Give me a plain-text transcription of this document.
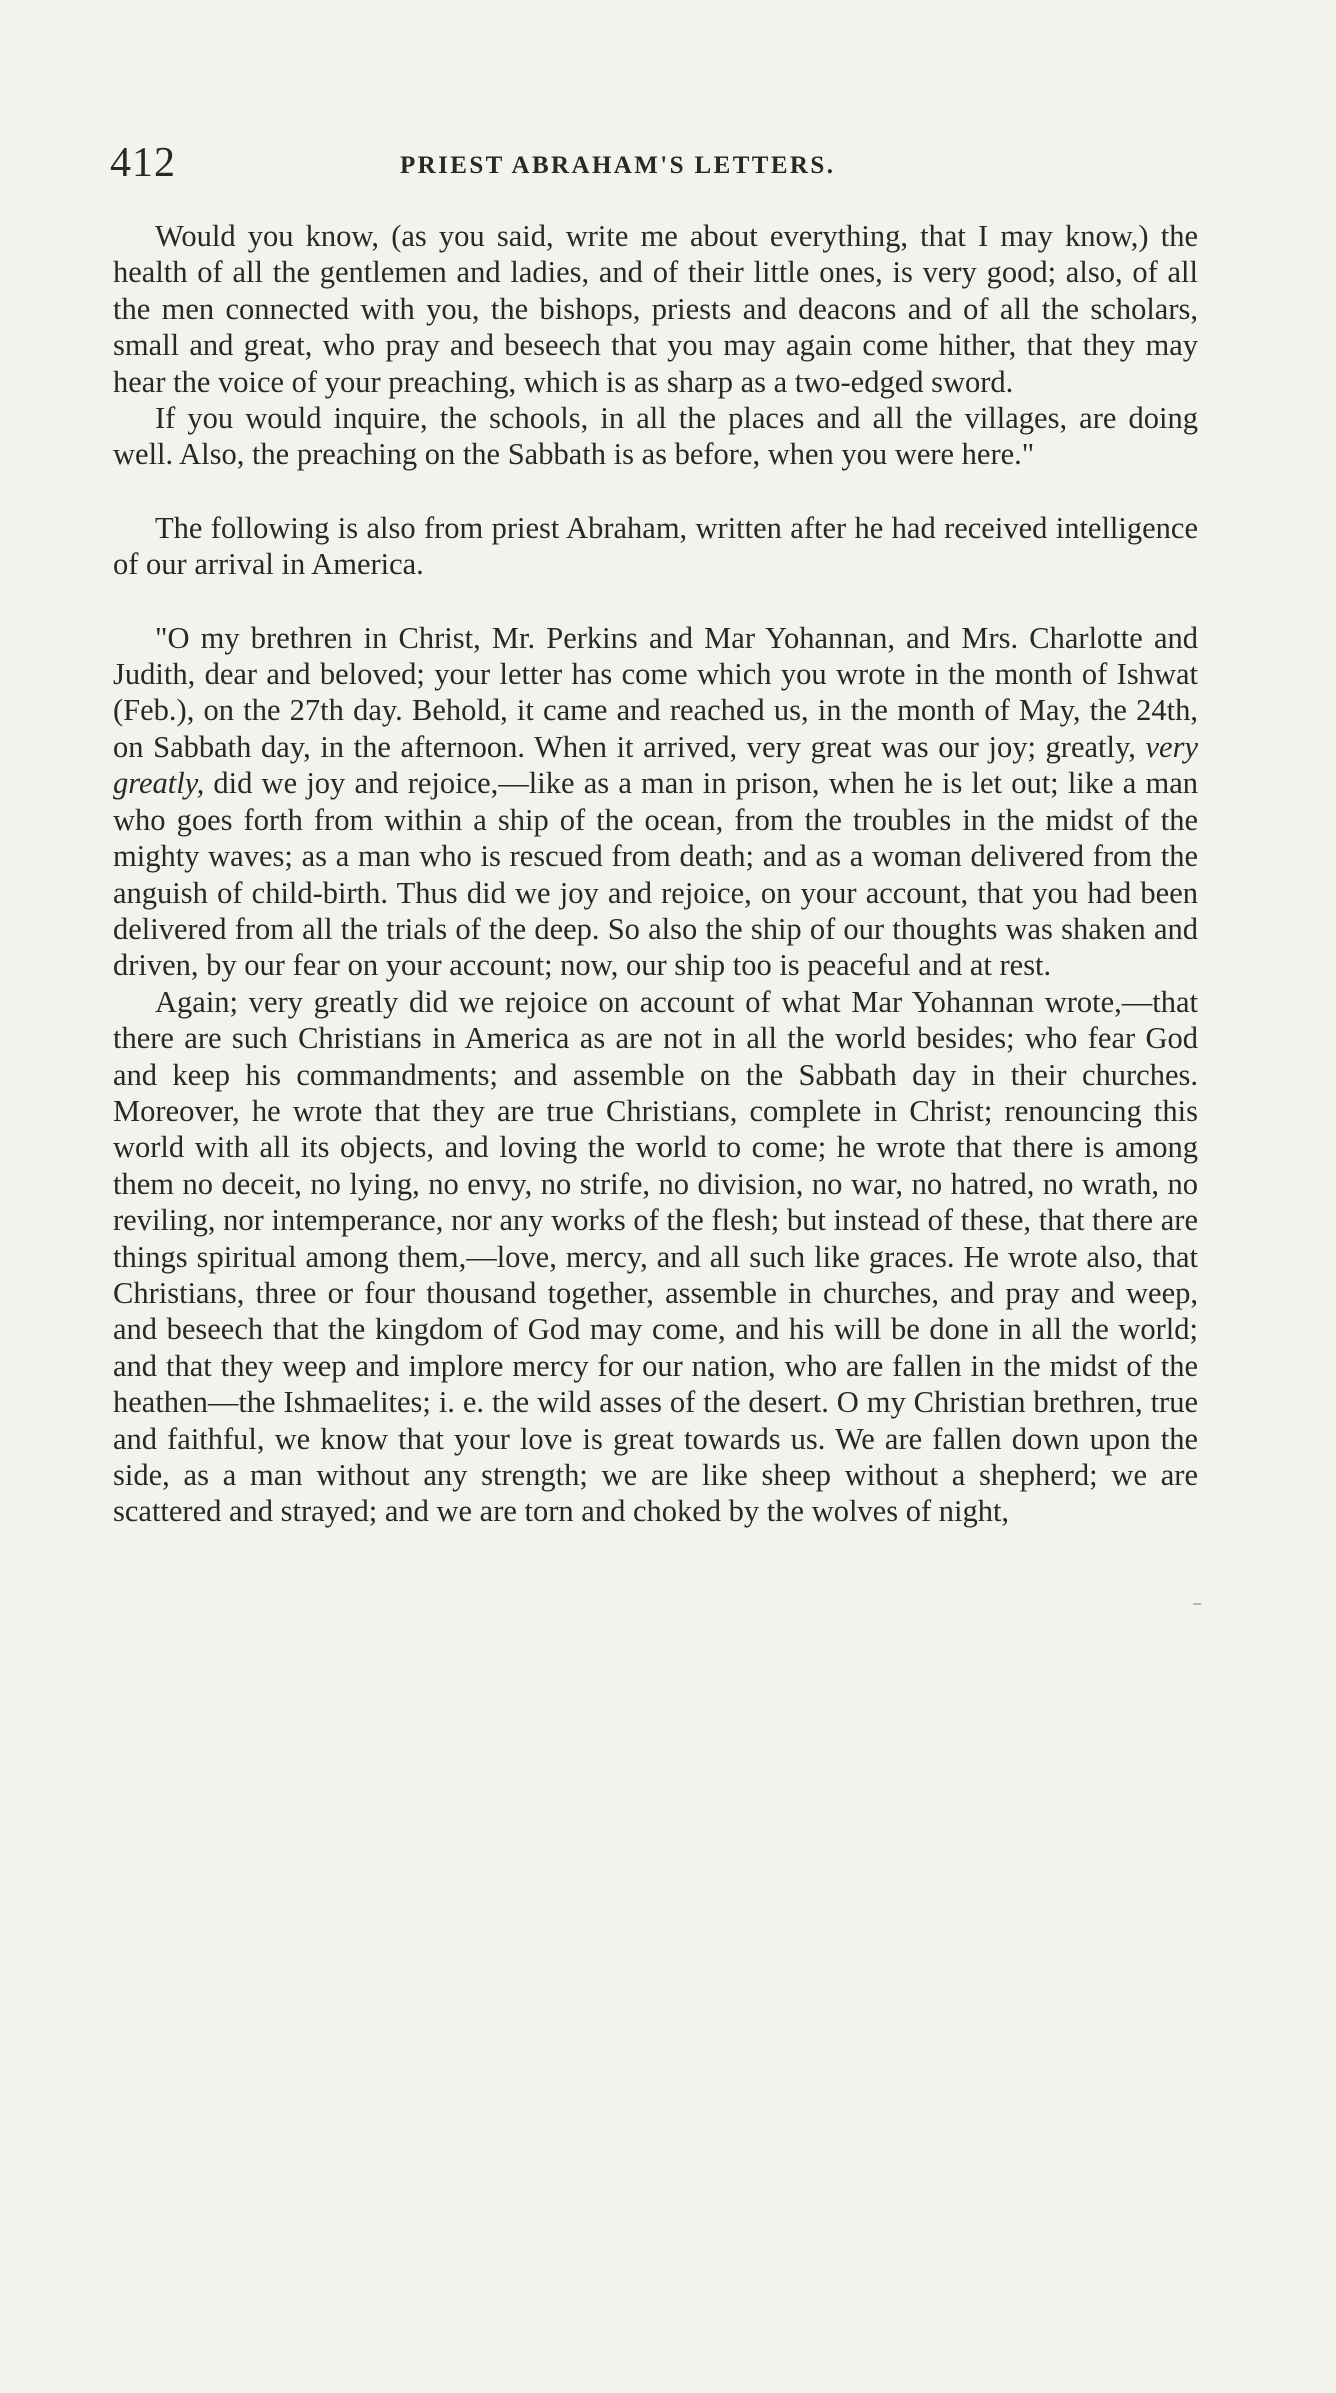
412	PRIEST ABRAHAM'S LETTERS.

Would you know, (as you said, write me about everything, that I may know,) the health of all the gentlemen and ladies, and of their little ones, is very good; also, of all the men connected with you, the bishops, priests and deacons and of all the scholars, small and great, who pray and beseech that you may again come hither, that they may hear the voice of your preaching, which is as sharp as a two-edged sword.

If you would inquire, the schools, in all the places and all the villages, are doing well. Also, the preaching on the Sabbath is as before, when you were here."

The following is also from priest Abraham, written after he had received intelligence of our arrival in America.

"O my brethren in Christ, Mr. Perkins and Mar Yohannan, and Mrs. Charlotte and Judith, dear and beloved; your letter has come which you wrote in the month of Ishwat (Feb.), on the 27th day. Behold, it came and reached us, in the month of May, the 24th, on Sabbath day, in the afternoon. When it arrived, very great was our joy; greatly, very greatly, did we joy and rejoice,—like as a man in prison, when he is let out; like a man who goes forth from within a ship of the ocean, from the troubles in the midst of the mighty waves; as a man who is rescued from death; and as a woman delivered from the anguish of child-birth. Thus did we joy and rejoice, on your account, that you had been delivered from all the trials of the deep. So also the ship of our thoughts was shaken and driven, by our fear on your account; now, our ship too is peaceful and at rest.

Again; very greatly did we rejoice on account of what Mar Yohannan wrote,—that there are such Christians in America as are not in all the world besides; who fear God and keep his commandments; and assemble on the Sabbath day in their churches. Moreover, he wrote that they are true Christians, complete in Christ; renouncing this world with all its objects, and loving the world to come; he wrote that there is among them no deceit, no lying, no envy, no strife, no division, no war, no hatred, no wrath, no reviling, nor intemperance, nor any works of the flesh; but instead of these, that there are things spiritual among them,—love, mercy, and all such like graces. He wrote also, that Christians, three or four thousand together, assemble in churches, and pray and weep, and beseech that the kingdom of God may come, and his will be done in all the world; and that they weep and implore mercy for our nation, who are fallen in the midst of the heathen—the Ishmaelites; i. e. the wild asses of the desert. O my Christian brethren, true and faithful, we know that your love is great towards us. We are fallen down upon the side, as a man without any strength; we are like sheep without a shepherd; we are scattered and strayed; and we are torn and choked by the wolves of night,
